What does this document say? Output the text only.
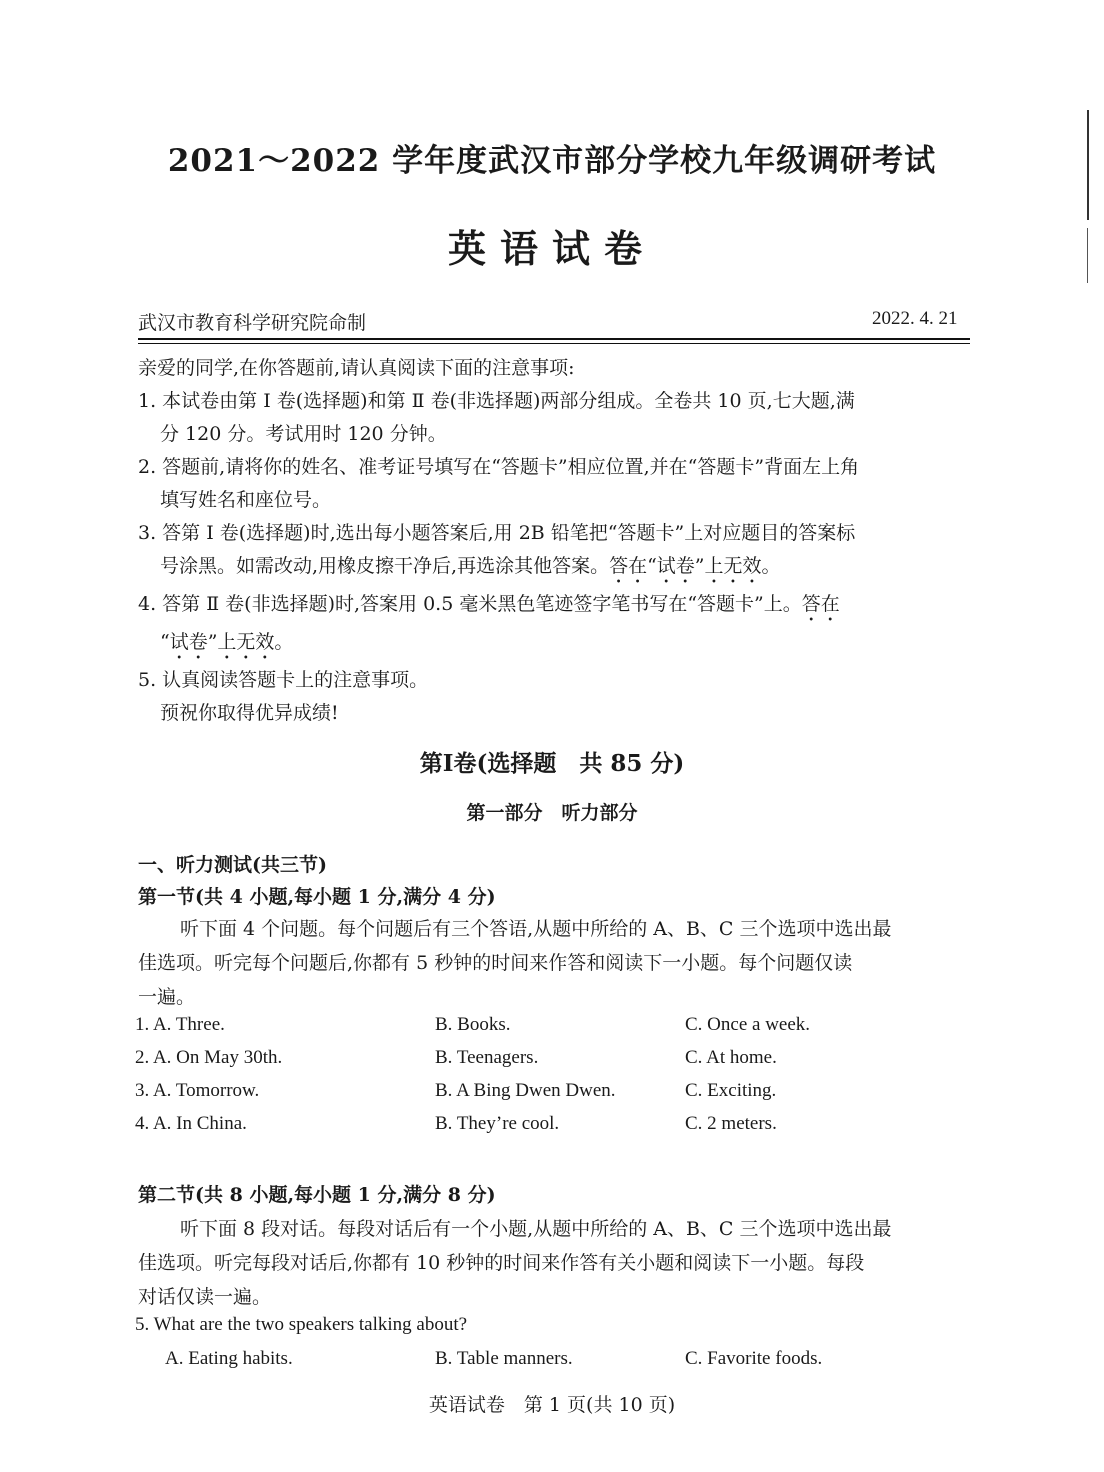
2021～2022 学年度武汉市部分学校九年级调研考试
英语试卷
武汉市教育科学研究院命制	2022. 4. 21
亲爱的同学,在你答题前,请认真阅读下面的注意事项:
1. 本试卷由第 Ⅰ 卷(选择题)和第 Ⅱ 卷(非选择题)两部分组成。全卷共 10 页,七大题,满
分 120 分。考试用时 120 分钟。
2. 答题前,请将你的姓名、准考证号填写在“答题卡”相应位置,并在“答题卡”背面左上角
填写姓名和座位号。
3. 答第 Ⅰ 卷(选择题)时,选出每小题答案后,用 2B 铅笔把“答题卡”上对应题目的答案标
号涂黑。如需改动,用橡皮擦干净后,再选涂其他答案。答在“试卷”上无效。
4. 答第 Ⅱ 卷(非选择题)时,答案用 0.5 毫米黑色笔迹签字笔书写在“答题卡”上。答在
“试卷”上无效。
5. 认真阅读答题卡上的注意事项。
预祝你取得优异成绩!
第Ⅰ卷(选择题　共 85 分)
第一部分　听力部分
一、听力测试(共三节)
第一节(共 4 小题,每小题 1 分,满分 4 分)
听下面 4 个问题。每个问题后有三个答语,从题中所给的 A、B、C 三个选项中选出最
佳选项。听完每个问题后,你都有 5 秒钟的时间来作答和阅读下一小题。每个问题仅读
一遍。
1. A. Three.	B. Books.	C. Once a week.
2. A. On May 30th.	B. Teenagers.	C. At home.
3. A. Tomorrow.	B. A Bing Dwen Dwen.	C. Exciting.
4. A. In China.	B. They’re cool.	C. 2 meters.
第二节(共 8 小题,每小题 1 分,满分 8 分)
听下面 8 段对话。每段对话后有一个小题,从题中所给的 A、B、C 三个选项中选出最
佳选项。听完每段对话后,你都有 10 秒钟的时间来作答有关小题和阅读下一小题。每段
对话仅读一遍。
5. What are the two speakers talking about?
A. Eating habits.	B. Table manners.	C. Favorite foods.
英语试卷　第 1 页(共 10 页)
